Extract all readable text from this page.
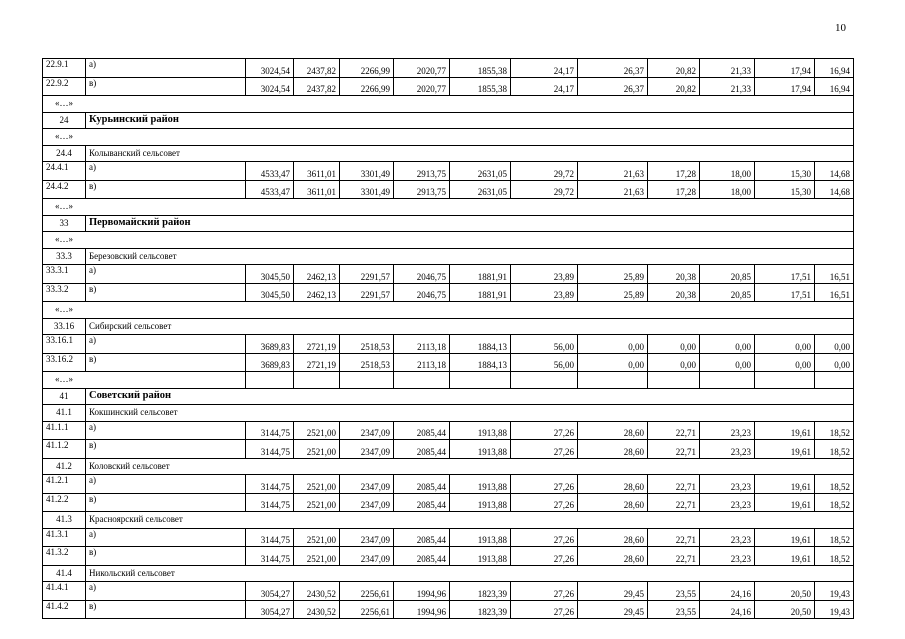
10
22.9.1	а)	3024,54	2437,82	2266,99	2020,77	1855,38	24,17	26,37	20,82	21,33	17,94	16,94
22.9.2	в)	3024,54	2437,82	2266,99	2020,77	1855,38	24,17	26,37	20,82	21,33	17,94	16,94
«…»												
24	Курьинский район											
«…»												
24.4	Колыванский сельсовет											
24.4.1	а)	4533,47	3611,01	3301,49	2913,75	2631,05	29,72	21,63	17,28	18,00	15,30	14,68
24.4.2	в)	4533,47	3611,01	3301,49	2913,75	2631,05	29,72	21,63	17,28	18,00	15,30	14,68
«…»												
33	Первомайский район											
«…»												
33.3	Березовский сельсовет											
33.3.1	а)	3045,50	2462,13	2291,57	2046,75	1881,91	23,89	25,89	20,38	20,85	17,51	16,51
33.3.2	в)	3045,50	2462,13	2291,57	2046,75	1881,91	23,89	25,89	20,38	20,85	17,51	16,51
«…»												
33.16	Сибирский сельсовет											
33.16.1	а)	3689,83	2721,19	2518,53	2113,18	1884,13	56,00	0,00	0,00	0,00	0,00	0,00
33.16.2	в)	3689,83	2721,19	2518,53	2113,18	1884,13	56,00	0,00	0,00	0,00	0,00	0,00
«…»												
41	Советский район											
41.1	Кокшинский сельсовет											
41.1.1	а)	3144,75	2521,00	2347,09	2085,44	1913,88	27,26	28,60	22,71	23,23	19,61	18,52
41.1.2	в)	3144,75	2521,00	2347,09	2085,44	1913,88	27,26	28,60	22,71	23,23	19,61	18,52
41.2	Коловский сельсовет											
41.2.1	а)	3144,75	2521,00	2347,09	2085,44	1913,88	27,26	28,60	22,71	23,23	19,61	18,52
41.2.2	в)	3144,75	2521,00	2347,09	2085,44	1913,88	27,26	28,60	22,71	23,23	19,61	18,52
41.3	Красноярский сельсовет											
41.3.1	а)	3144,75	2521,00	2347,09	2085,44	1913,88	27,26	28,60	22,71	23,23	19,61	18,52
41.3.2	в)	3144,75	2521,00	2347,09	2085,44	1913,88	27,26	28,60	22,71	23,23	19,61	18,52
41.4	Никольский сельсовет											
41.4.1	а)	3054,27	2430,52	2256,61	1994,96	1823,39	27,26	29,45	23,55	24,16	20,50	19,43
41.4.2	в)	3054,27	2430,52	2256,61	1994,96	1823,39	27,26	29,45	23,55	24,16	20,50	19,43
